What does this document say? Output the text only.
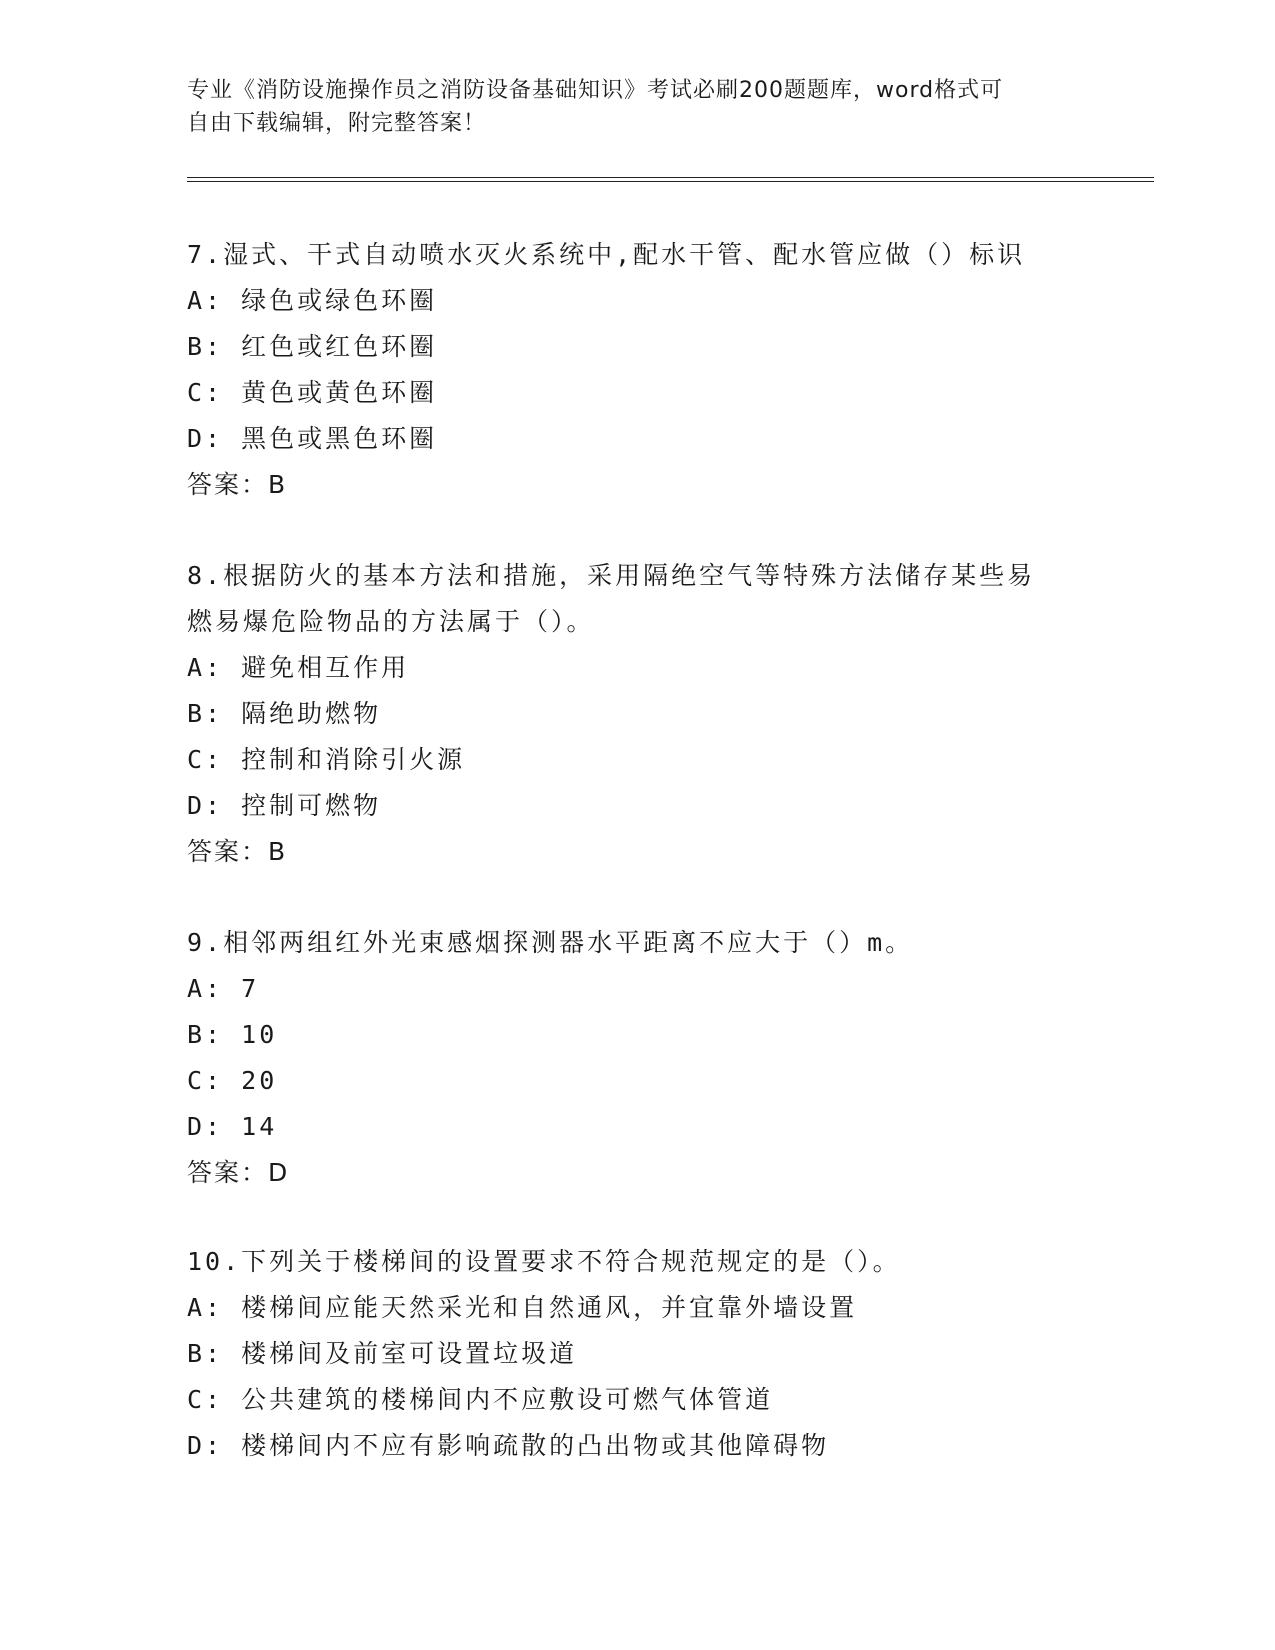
专业《消防设施操作员之消防设备基础知识》考试必刷200题题库，word格式可
自由下载编辑，附完整答案！
7.湿式、干式自动喷水灭火系统中,配水干管、配水管应做（）标识
A: 绿色或绿色环圈
B: 红色或红色环圈
C: 黄色或黄色环圈
D: 黑色或黑色环圈
答案：B
8.根据防火的基本方法和措施，采用隔绝空气等特殊方法储存某些易
燃易爆危险物品的方法属于（）。
A: 避免相互作用
B: 隔绝助燃物
C: 控制和消除引火源
D: 控制可燃物
答案：B
9.相邻两组红外光束感烟探测器水平距离不应大于（）m。
A: 7
B: 10
C: 20
D: 14
答案：D
10.下列关于楼梯间的设置要求不符合规范规定的是（）。
A: 楼梯间应能天然采光和自然通风，并宜靠外墙设置
B: 楼梯间及前室可设置垃圾道
C: 公共建筑的楼梯间内不应敷设可燃气体管道
D: 楼梯间内不应有影响疏散的凸出物或其他障碍物
